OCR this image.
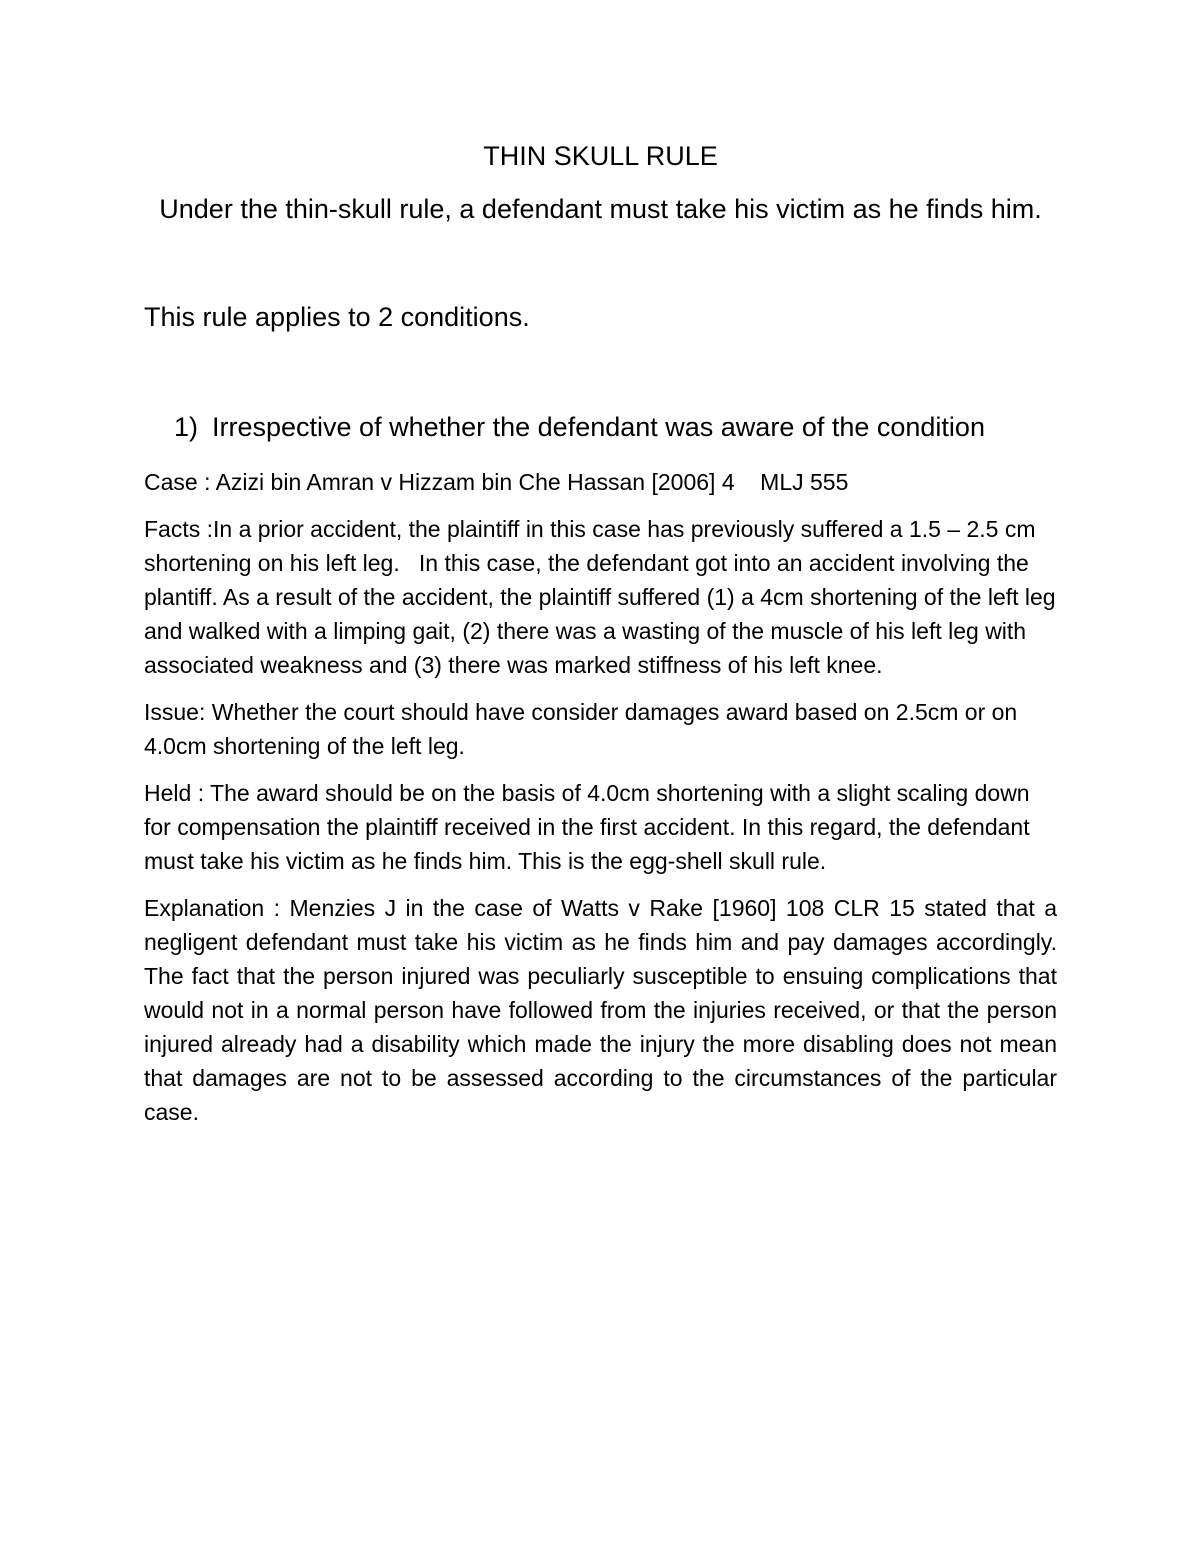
THIN SKULL RULE
Under the thin-skull rule, a defendant must take his victim as he finds him.
This rule applies to 2 conditions.
1) Irrespective of whether the defendant was aware of the condition

Case : Azizi bin Amran v Hizzam bin Che Hassan [2006] 4    MLJ 555

Facts :In a prior accident, the plaintiff in this case has previously suffered a 1.5 – 2.5 cm shortening on his left leg.   In this case, the defendant got into an accident involving the plantiff. As a result of the accident, the plaintiff suffered (1) a 4cm shortening of the left leg and walked with a limping gait, (2) there was a wasting of the muscle of his left leg with associated weakness and (3) there was marked stiffness of his left knee.

Issue: Whether the court should have consider damages award based on 2.5cm or on 4.0cm shortening of the left leg.

Held : The award should be on the basis of 4.0cm shortening with a slight scaling down for compensation the plaintiff received in the first accident. In this regard, the defendant must take his victim as he finds him. This is the egg-shell skull rule.

Explanation : Menzies J in the case of Watts v Rake [1960] 108 CLR 15 stated that a negligent defendant must take his victim as he finds him and pay damages accordingly. The fact that the person injured was peculiarly susceptible to ensuing complications that would not in a normal person have followed from the injuries received, or that the person injured already had a disability which made the injury the more disabling does not mean that damages are not to be assessed according to the circumstances of the particular case.
